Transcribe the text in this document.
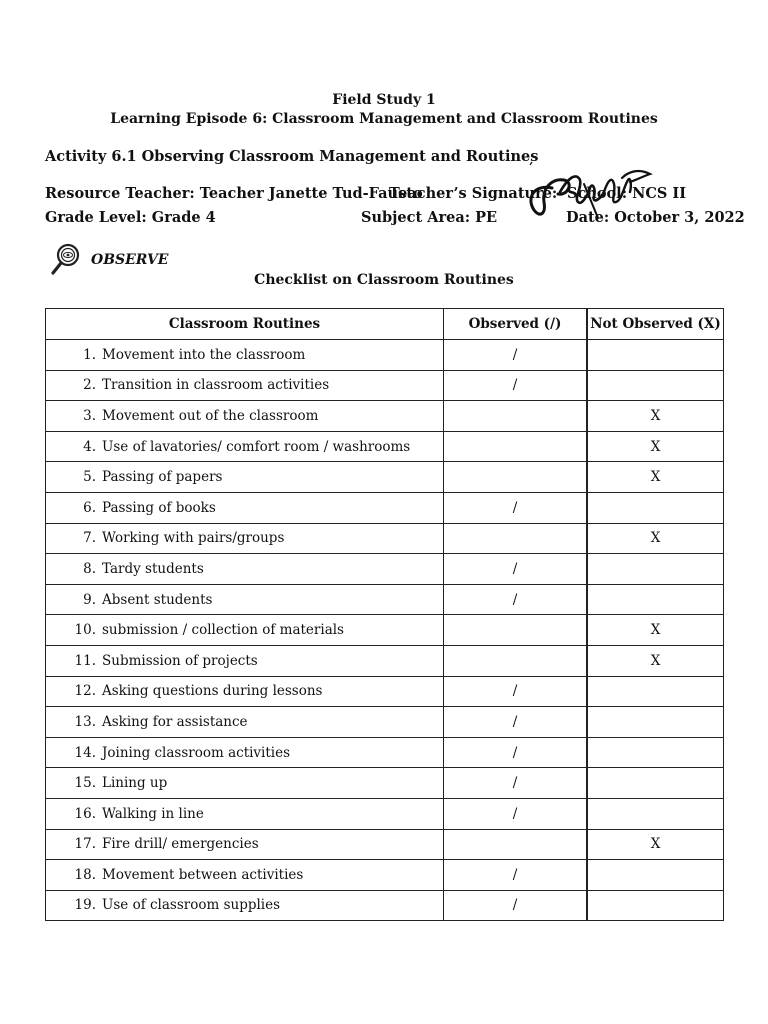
Field Study 1
Learning Episode 6: Classroom Management and Classroom Routines
Activity 6.1 Observing Classroom Management and Routines
Resource Teacher: Teacher Janette Tud-Fausto
Teacher’s Signature: School: NCS II
Grade Level: Grade 4	Subject Area: PE	Date: October 3, 2022
OBSERVE
Checklist on Classroom Routines
Classroom Routines	Observed (/)	Not Observed (X)
1. Movement into the classroom	/	
2. Transition in classroom activities	/	
3. Movement out of the classroom		X
4. Use of lavatories/ comfort room / washrooms		X
5. Passing of papers		X
6. Passing of books	/	
7. Working with pairs/groups		X
8. Tardy students	/	
9. Absent students	/	
10. submission / collection of materials		X
11. Submission of projects		X
12. Asking questions during lessons	/	
13. Asking for assistance	/	
14. Joining classroom activities	/	
15. Lining up	/	
16. Walking in line	/	
17. Fire drill/ emergencies		X
18. Movement between activities	/	
19. Use of classroom supplies	/	
